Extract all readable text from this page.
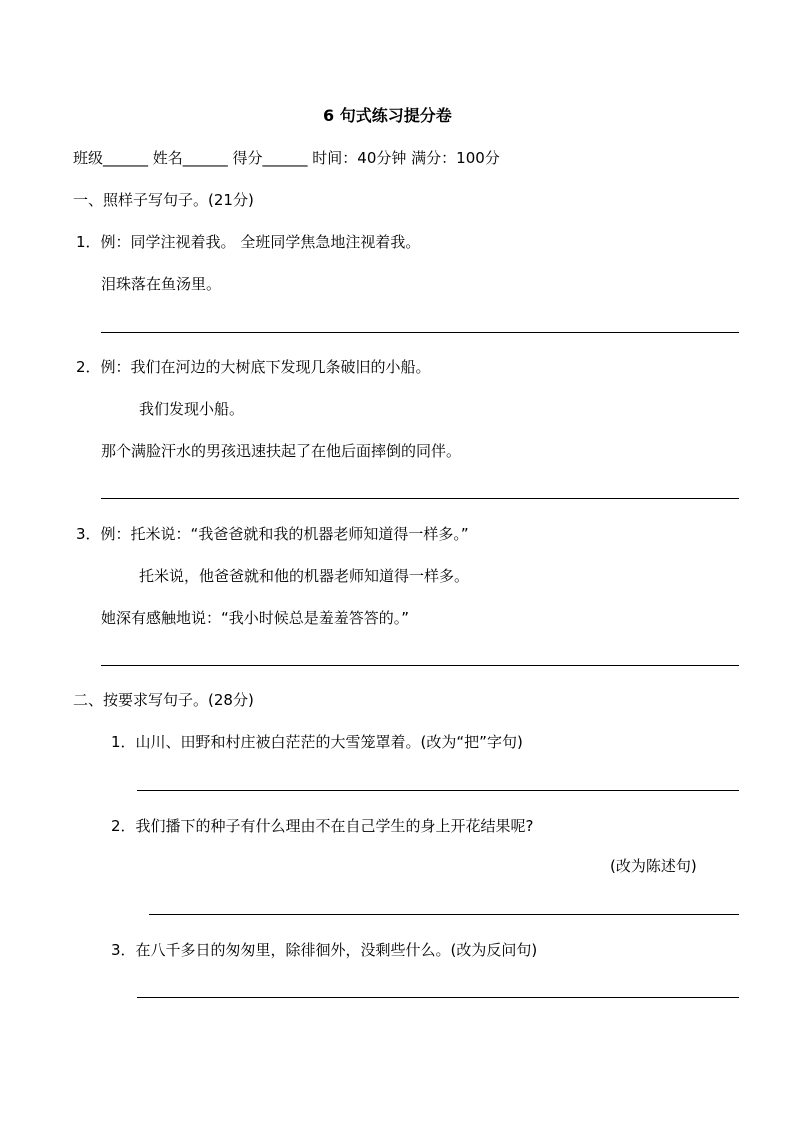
6 句式练习提分卷
班级______ 姓名______ 得分______ 时间：40分钟 满分：100分
一、照样子写句子。(21分)
1．例：同学注视着我。 全班同学焦急地注视着我。
泪珠落在鱼汤里。
2．例：我们在河边的大树底下发现几条破旧的小船。
我们发现小船。
那个满脸汗水的男孩迅速扶起了在他后面摔倒的同伴。
3．例：托米说：“我爸爸就和我的机器老师知道得一样多。”
托米说，他爸爸就和他的机器老师知道得一样多。
她深有感触地说：“我小时候总是羞羞答答的。”
二、按要求写句子。(28分)
1．山川、田野和村庄被白茫茫的大雪笼罩着。(改为“把”字句)
2．我们播下的种子有什么理由不在自己学生的身上开花结果呢?
(改为陈述句)
3．在八千多日的匆匆里，除徘徊外，没剩些什么。(改为反问句)
